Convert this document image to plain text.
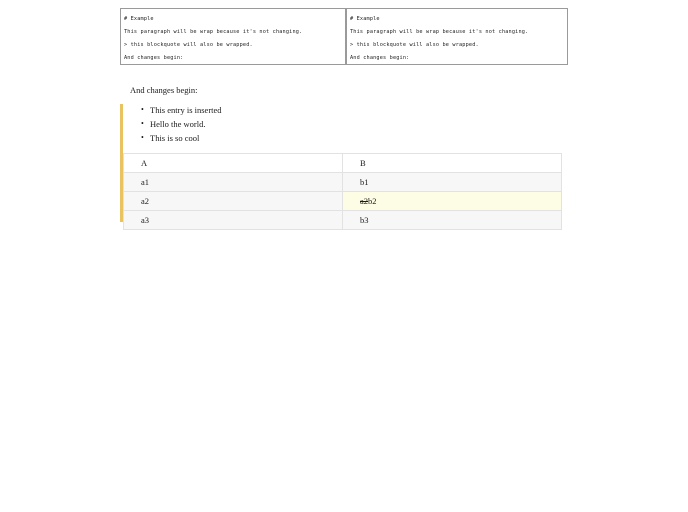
# Example
This paragraph will be wrap because it's not changing.
> this blockquote will also be wrapped.
And changes begin:
# Example
This paragraph will be wrap because it's not changing.
> this blockquote will also be wrapped.
And changes begin:

And changes begin:

• This entry is inserted
• Hello the world.
• This is so cool
A	B
a1	b1
a2	a2b2
a3	b3
